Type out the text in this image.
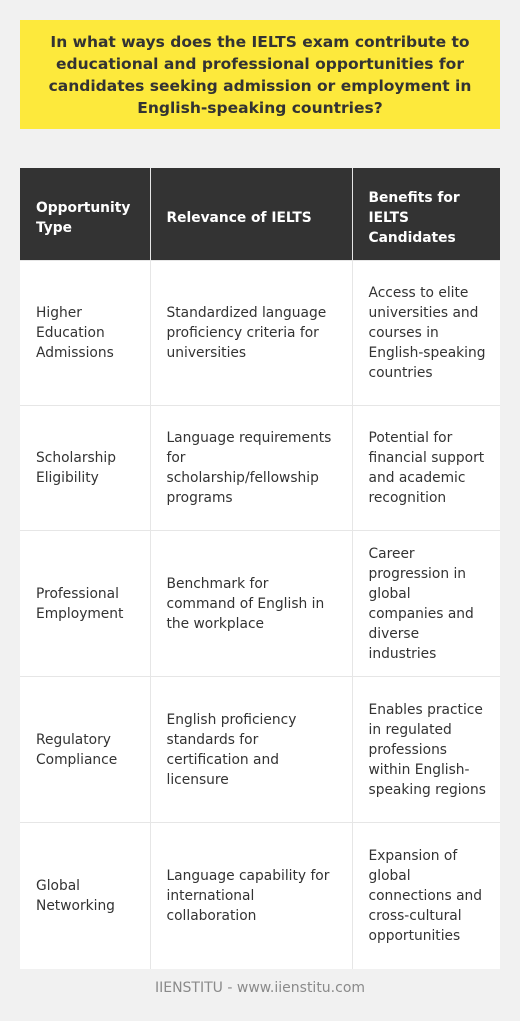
In what ways does the IELTS exam contribute to educational and professional opportunities for candidates seeking admission or employment in English-speaking countries?
Opportunity Type	Relevance of IELTS	Benefits for IELTS Candidates
Higher Education Admissions	Standardized language proficiency criteria for universities	Access to elite universities and courses in English-speaking countries
Scholarship Eligibility	Language requirements for scholarship/fellowship programs	Potential for financial support and academic recognition
Professional Employment	Benchmark for command of English in the workplace	Career progression in global companies and diverse industries
Regulatory Compliance	English proficiency standards for certification and licensure	Enables practice in regulated professions within English-speaking regions
Global Networking	Language capability for international collaboration	Expansion of global connections and cross-cultural opportunities
IIENSTITU - www.iienstitu.com
